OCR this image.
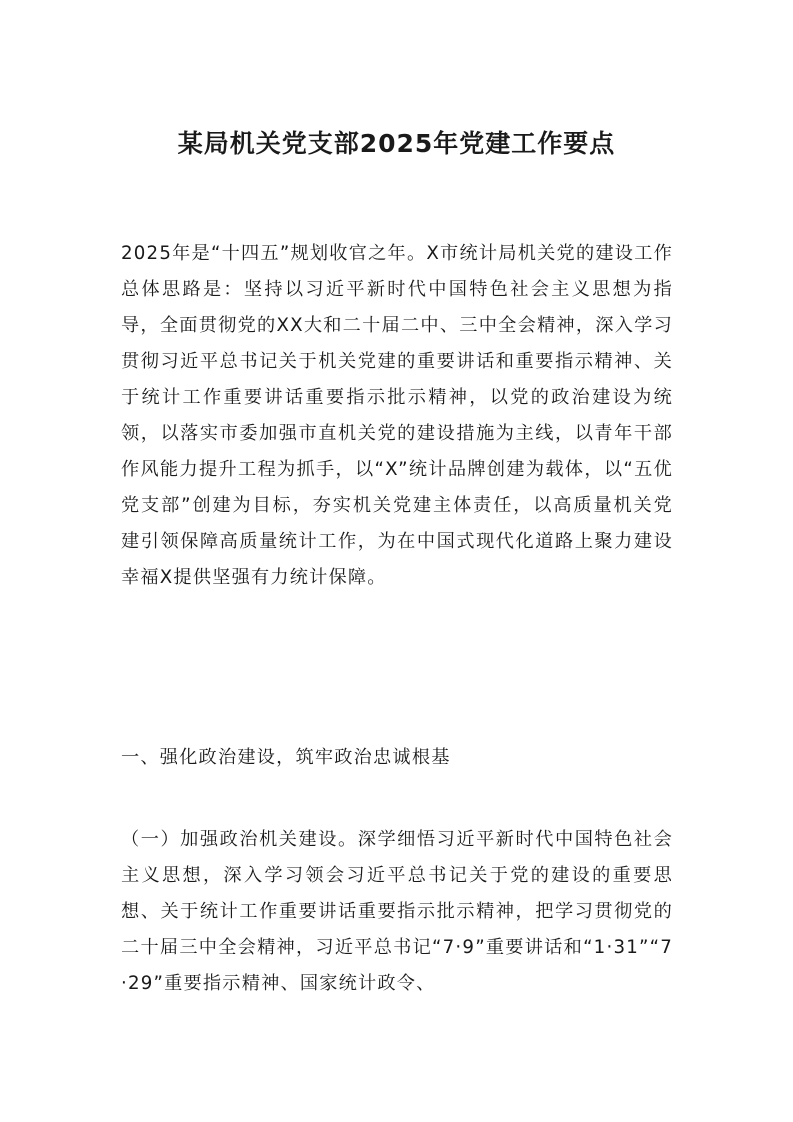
某局机关党支部2025年党建工作要点

2025年是“十四五”规划收官之年。X市统计局机关党的建设工作总体思路是：坚持以习近平新时代中国特色社会主义思想为指导，全面贯彻党的XX大和二十届二中、三中全会精神，深入学习贯彻习近平总书记关于机关党建的重要讲话和重要指示精神、关于统计工作重要讲话重要指示批示精神，以党的政治建设为统领，以落实市委加强市直机关党的建设措施为主线，以青年干部作风能力提升工程为抓手，以“X”统计品牌创建为载体，以“五优党支部”创建为目标，夯实机关党建主体责任，以高质量机关党建引领保障高质量统计工作，为在中国式现代化道路上聚力建设幸福X提供坚强有力统计保障。

一、强化政治建设，筑牢政治忠诚根基

（一）加强政治机关建设。深学细悟习近平新时代中国特色社会主义思想，深入学习领会习近平总书记关于党的建设的重要思想、关于统计工作重要讲话重要指示批示精神，把学习贯彻党的二十届三中全会精神，习近平总书记“7·9”重要讲话和“1·31”“7·29”重要指示精神、国家统计政令、
